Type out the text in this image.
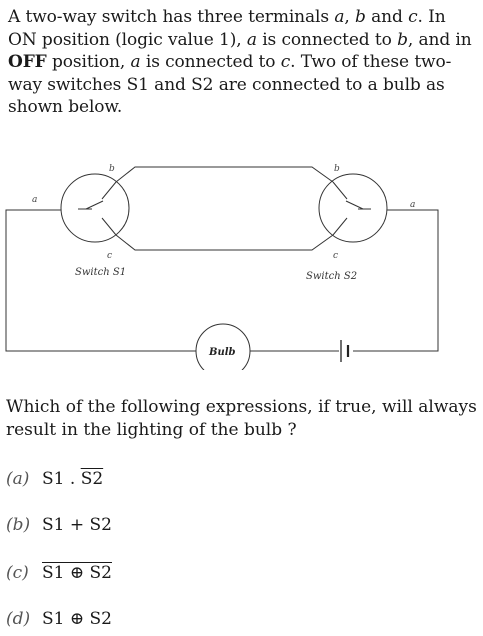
A two-way switch has three terminals a, b and c. In ON position (logic value 1), a is connected to b, and in OFF position, a is connected to c. Two of these two-way switches S1 and S2 are connected to a bulb as shown below.

a
b
c
a
b
c
Switch S1	Switch S2
Bulb

Which of the following expressions, if true, will always result in the lighting of the bulb ?

(a) S1 . S2
(b) S1 + S2
(c) S1 ⊕ S2
(d) S1 ⊕ S2
